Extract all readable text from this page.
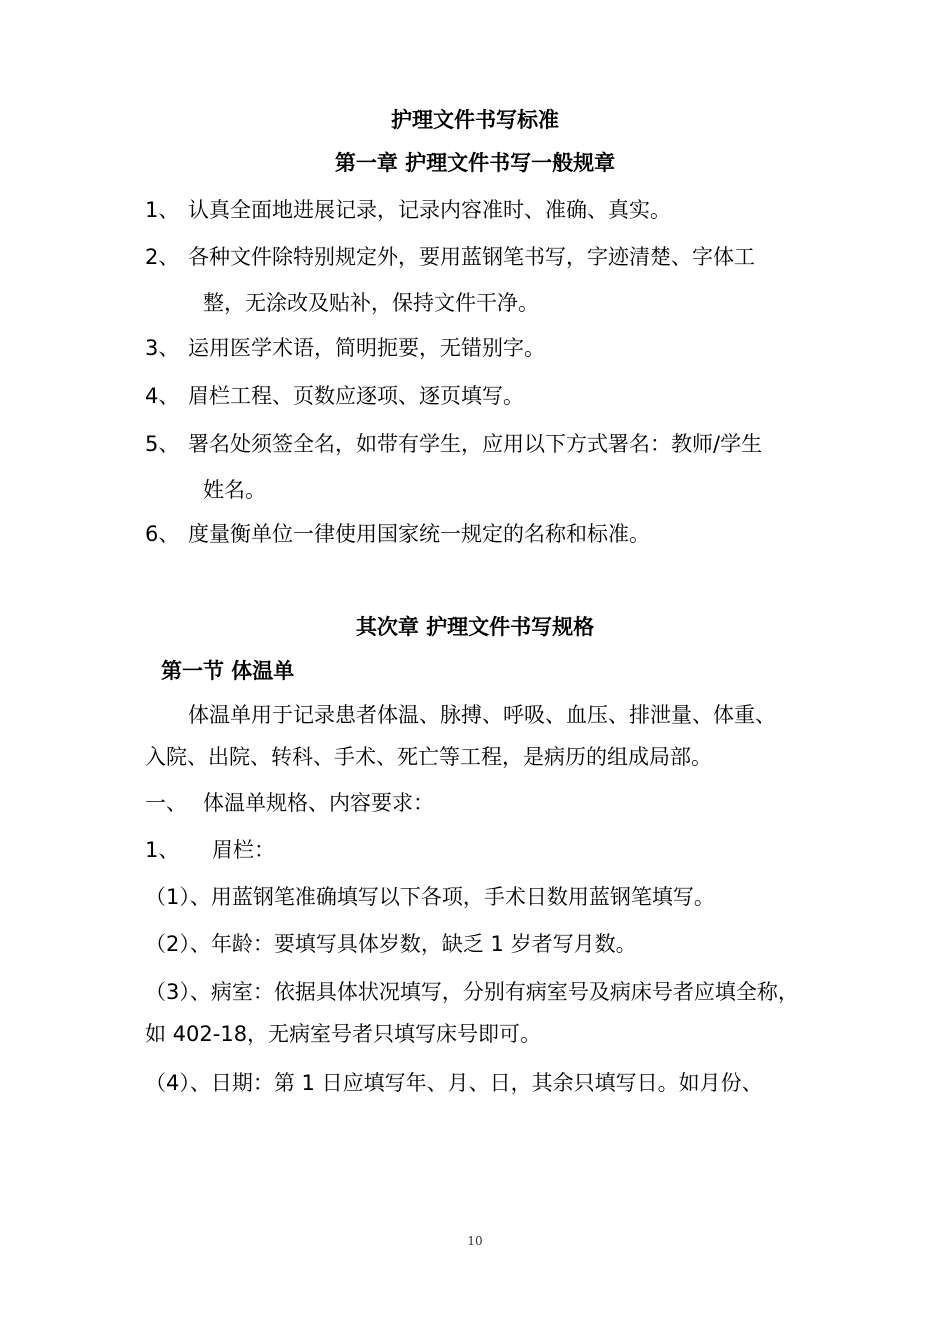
护理文件书写标准
第一章 护理文件书写一般规章
1、 认真全面地进展记录，记录内容准时、准确、真实。
2、 各种文件除特别规定外，要用蓝钢笔书写，字迹清楚、字体工
整，无涂改及贴补，保持文件干净。
3、 运用医学术语，简明扼要，无错别字。
4、 眉栏工程、页数应逐项、逐页填写。
5、 署名处须签全名，如带有学生，应用以下方式署名：教师/学生
姓名。
6、 度量衡单位一律使用国家统一规定的名称和标准。
其次章 护理文件书写规格
第一节 体温单
体温单用于记录患者体温、脉搏、呼吸、血压、排泄量、体重、
入院、出院、转科、手术、死亡等工程，是病历的组成局部。
一、 体温单规格、内容要求：
1、 眉栏：
（1）、用蓝钢笔准确填写以下各项，手术日数用蓝钢笔填写。
（2）、年龄：要填写具体岁数，缺乏 1 岁者写月数。
（3）、病室：依据具体状况填写，分别有病室号及病床号者应填全称，
如 402-18，无病室号者只填写床号即可。
（4）、日期：第 1 日应填写年、月、日，其余只填写日。如月份、
10
